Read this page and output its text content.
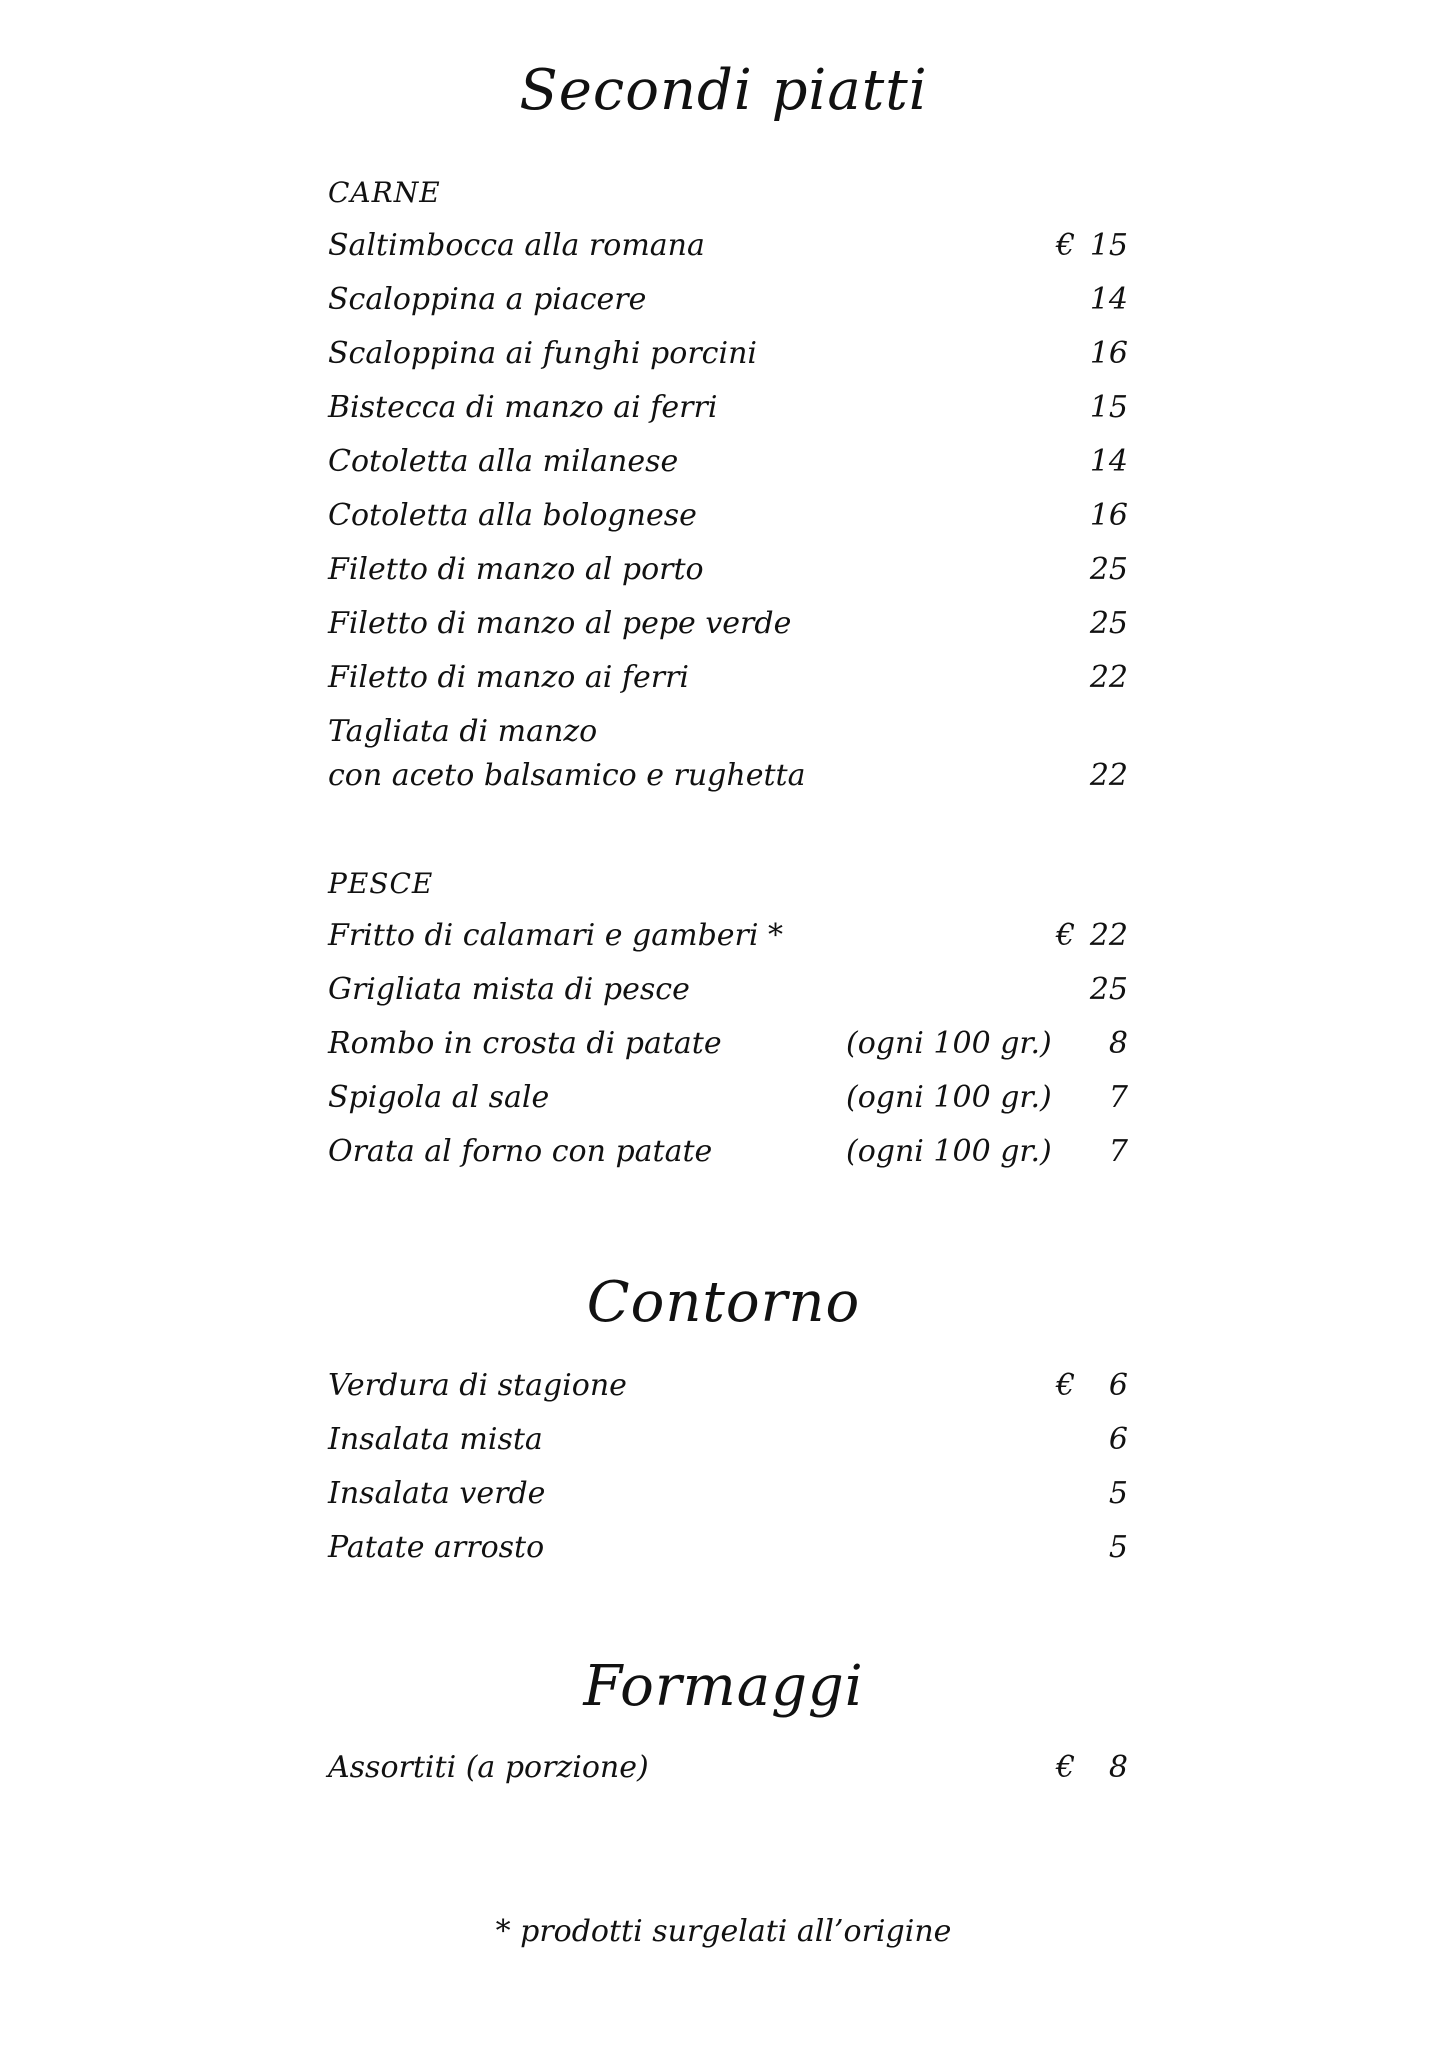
Secondi piatti
CARNE
Saltimbocca alla romana	€ 15
Scaloppina a piacere	14
Scaloppina ai funghi porcini	16
Bistecca di manzo ai ferri	15
Cotoletta alla milanese	14
Cotoletta alla bolognese	16
Filetto di manzo al porto	25
Filetto di manzo al pepe verde	25
Filetto di manzo ai ferri	22
Tagliata di manzo
con aceto balsamico e rughetta	22
PESCE
Fritto di calamari e gamberi *	€ 22
Grigliata mista di pesce	25
Rombo in crosta di patate	(ogni 100 gr.)	8
Spigola al sale	(ogni 100 gr.)	7
Orata al forno con patate	(ogni 100 gr.)	7
Contorno
Verdura di stagione	€	6
Insalata mista	6
Insalata verde	5
Patate arrosto	5
Formaggi
Assortiti (a porzione)	€	8
* prodotti surgelati all’origine
